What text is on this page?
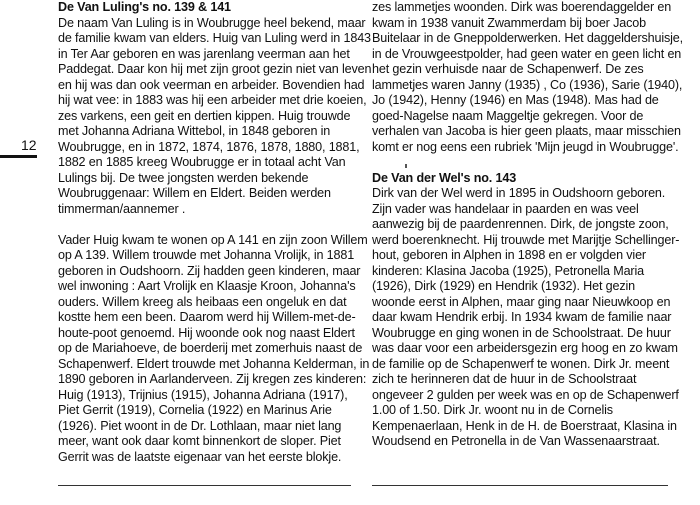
12
De Van Luling's no. 139 & 141

De naam Van Luling is in Woubrugge heel bekend, maar
de familie kwam van elders. Huig van Luling werd in 1843
in Ter Aar geboren en was jarenlang veerman aan het
Paddegat. Daar kon hij met zijn groot gezin niet van leven
en hij was dan ook veerman en arbeider. Bovendien had
hij wat vee: in 1883 was hij een arbeider met drie koeien,
zes varkens, een geit en dertien kippen. Huig trouwde
met Johanna Adriana Wittebol, in 1848 geboren in
Woubrugge, en in 1872, 1874, 1876, 1878, 1880, 1881,
1882 en 1885 kreeg Woubrugge er in totaal acht Van
Lulings bij. De twee jongsten werden bekende
Woubruggenaar: Willem en Eldert. Beiden werden
timmerman/aannemer .

Vader Huig kwam te wonen op A 141 en zijn zoon Willem
op A 139. Willem trouwde met Johanna Vrolijk, in 1881
geboren in Oudshoorn. Zij hadden geen kinderen, maar
wel inwoning : Aart Vrolijk en Klaasje Kroon, Johanna's
ouders. Willem kreeg als heibaas een ongeluk en dat
kostte hem een been. Daarom werd hij Willem-met-de-
houte-poot genoemd. Hij woonde ook nog naast Eldert
op de Mariahoeve, de boerderij met zomerhuis naast de
Schapenwerf. Eldert trouwde met Johanna Kelderman, in
1890 geboren in Aarlanderveen. Zij kregen zes kinderen:
Huig (1913), Trijnius (1915), Johanna Adriana (1917),
Piet Gerrit (1919), Cornelia (1922) en Marinus Arie
(1926). Piet woont in de Dr. Lothlaan, maar niet lang
meer, want ook daar komt binnenkort de sloper. Piet
Gerrit was de laatste eigenaar van het eerste blokje.

zes lammetjes woonden. Dirk was boerendaggelder en
kwam in 1938 vanuit Zwammerdam bij boer Jacob
Buitelaar in de Gneppolderwerken. Het daggeldershuisje,
in de Vrouwgeestpolder, had geen water en geen licht en
het gezin verhuisde naar de Schapenwerf. De zes
lammetjes waren Janny (1935) , Co (1936), Sarie (1940),
Jo (1942), Henny (1946) en Mas (1948). Mas had de
goed-Nagelse naam Maggeltje gekregen. Voor de
verhalen van Jacoba is hier geen plaats, maar misschien
komt er nog eens een rubriek 'Mijn jeugd in Woubrugge'.

De Van der Wel's no. 143

Dirk van der Wel werd in 1895 in Oudshoorn geboren.
Zijn vader was handelaar in paarden en was veel
aanwezig bij de paardenrennen. Dirk, de jongste zoon,
werd boerenknecht. Hij trouwde met Marijtje Schellinger-
hout, geboren in Alphen in 1898 en er volgden vier
kinderen: Klasina Jacoba (1925), Petronella Maria
(1926), Dirk (1929) en Hendrik (1932). Het gezin
woonde eerst in Alphen, maar ging naar Nieuwkoop en
daar kwam Hendrik erbij. In 1934 kwam de familie naar
Woubrugge en ging wonen in de Schoolstraat. De huur
was daar voor een arbeidersgezin erg hoog en zo kwam
de familie op de Schapenwerf te wonen. Dirk Jr. meent
zich te herinneren dat de huur in de Schoolstraat
ongeveer 2 gulden per week was en op de Schapenwerf
1.00 of 1.50. Dirk Jr. woont nu in de Cornelis
Kempenaerlaan, Henk in de H. de Boerstraat, Klasina in
Woudsend en Petronella in de Van Wassenaarstraat.
